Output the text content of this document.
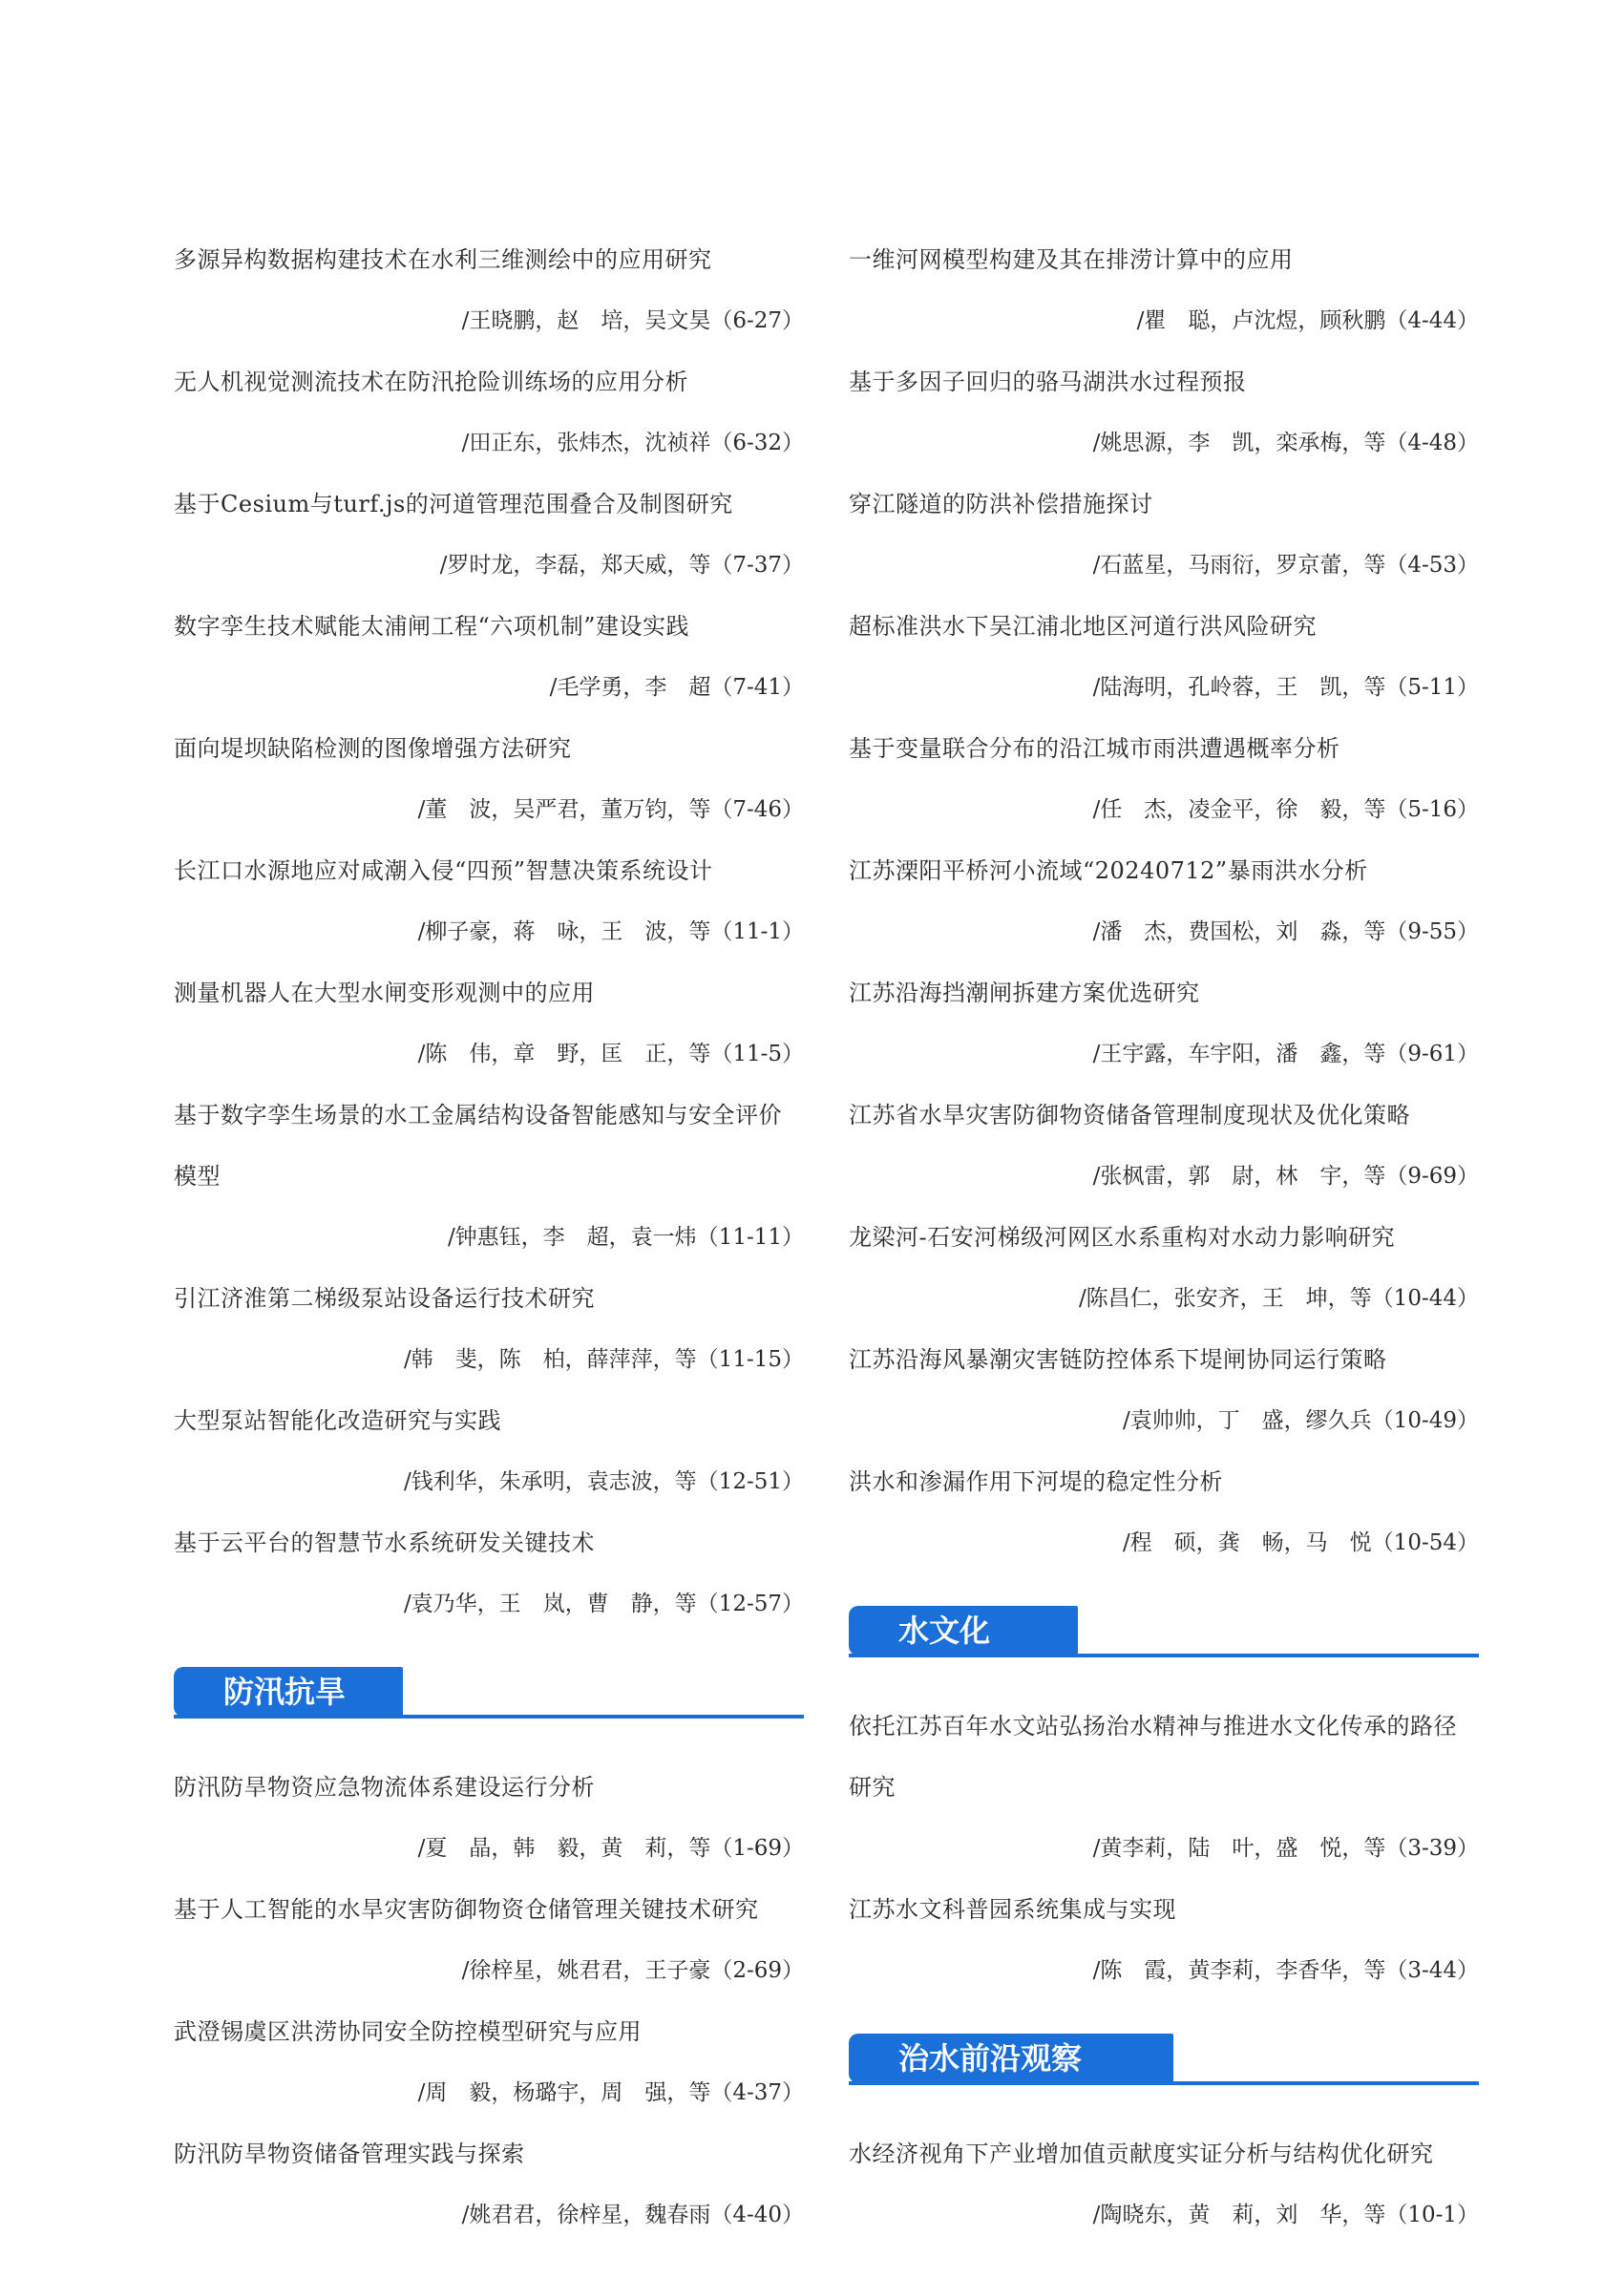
多源异构数据构建技术在水利三维测绘中的应用研究
/王晓鹏，赵　培，吴文昊（6-27）
无人机视觉测流技术在防汛抢险训练场的应用分析
/田正东，张炜杰，沈祯祥（6-32）
基于Cesium与turf.js的河道管理范围叠合及制图研究
/罗时龙，李磊，郑天威，等（7-37）
数字孪生技术赋能太浦闸工程“六项机制”建设实践
/毛学勇，李　超（7-41）
面向堤坝缺陷检测的图像增强方法研究
/董　波，吴严君，董万钧，等（7-46）
长江口水源地应对咸潮入侵“四预”智慧决策系统设计
/柳子豪，蒋　咏，王　波，等（11-1）
测量机器人在大型水闸变形观测中的应用
/陈　伟，章　野，匡　正，等（11-5）
基于数字孪生场景的水工金属结构设备智能感知与安全评价模型
/钟惠钰，李　超，袁一炜（11-11）
引江济淮第二梯级泵站设备运行技术研究
/韩　斐，陈　柏，薛萍萍，等（11-15）
大型泵站智能化改造研究与实践
/钱利华，朱承明，袁志波，等（12-51）
基于云平台的智慧节水系统研发关键技术
/袁乃华，王　岚，曹　静，等（12-57）
防汛抗旱
防汛防旱物资应急物流体系建设运行分析
/夏　晶，韩　毅，黄　莉，等（1-69）
基于人工智能的水旱灾害防御物资仓储管理关键技术研究
/徐梓星，姚君君，王子豪（2-69）
武澄锡虞区洪涝协同安全防控模型研究与应用
/周　毅，杨璐宇，周　强，等（4-37）
防汛防旱物资储备管理实践与探索
/姚君君，徐梓星，魏春雨（4-40）
一维河网模型构建及其在排涝计算中的应用
/瞿　聪，卢沈煜，顾秋鹏（4-44）
基于多因子回归的骆马湖洪水过程预报
/姚思源，李　凯，栾承梅，等（4-48）
穿江隧道的防洪补偿措施探讨
/石蓝星，马雨衍，罗京蕾，等（4-53）
超标准洪水下吴江浦北地区河道行洪风险研究
/陆海明，孔岭蓉，王　凯，等（5-11）
基于变量联合分布的沿江城市雨洪遭遇概率分析
/任　杰，凌金平，徐　毅，等（5-16）
江苏溧阳平桥河小流域“20240712”暴雨洪水分析
/潘　杰，费国松，刘　淼，等（9-55）
江苏沿海挡潮闸拆建方案优选研究
/王宇露，车宇阳，潘　鑫，等（9-61）
江苏省水旱灾害防御物资储备管理制度现状及优化策略
/张枫雷，郭　尉，林　宇，等（9-69）
龙梁河-石安河梯级河网区水系重构对水动力影响研究
/陈昌仁，张安齐，王　坤，等（10-44）
江苏沿海风暴潮灾害链防控体系下堤闸协同运行策略
/袁帅帅，丁　盛，缪久兵（10-49）
洪水和渗漏作用下河堤的稳定性分析
/程　硕，龚　畅，马　悦（10-54）
水文化
依托江苏百年水文站弘扬治水精神与推进水文化传承的路径研究
/黄李莉，陆　叶，盛　悦，等（3-39）
江苏水文科普园系统集成与实现
/陈　霞，黄李莉，李香华，等（3-44）
治水前沿观察
水经济视角下产业增加值贡献度实证分析与结构优化研究
/陶晓东，黄　莉，刘　华，等（10-1）
